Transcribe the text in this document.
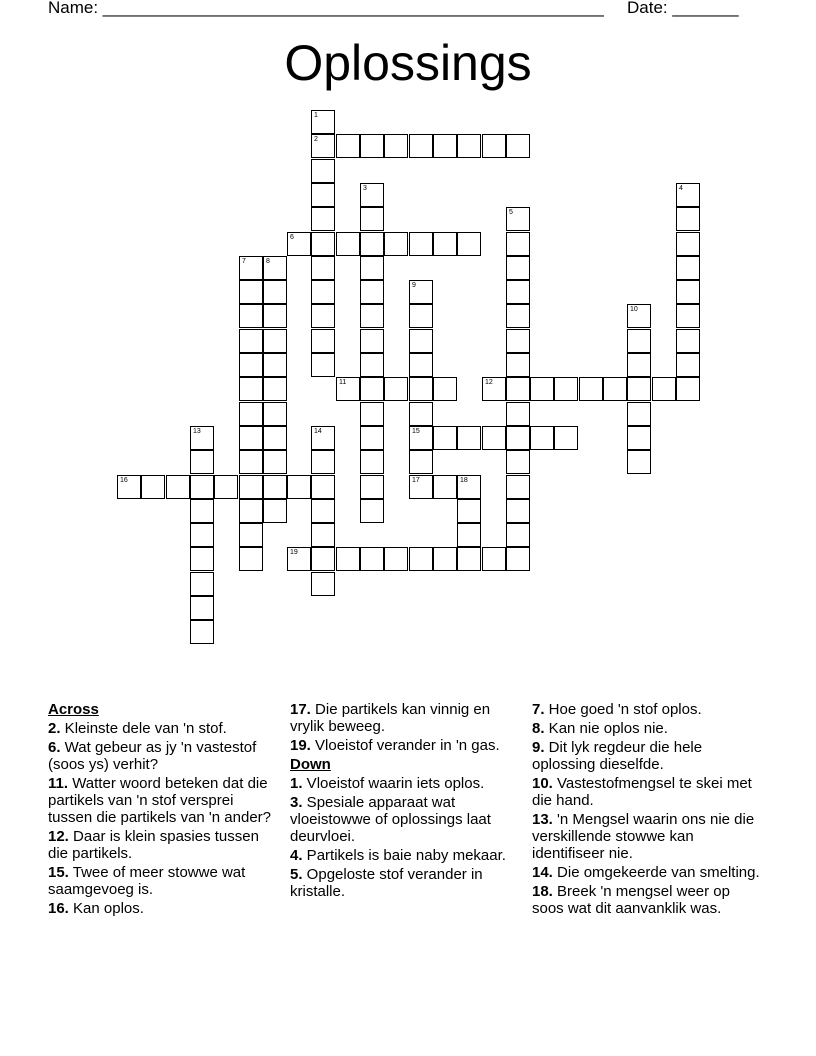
Name: _____________________________________________________ Date: _______
Oplossings
1
2
3	4
5
6
7	8
9
15
17
10
11	12
13	14
16	18
19
Across
2. Kleinste dele van 'n stof.
6. Wat gebeur as jy 'n vastestof (soos ys) verhit?
11. Watter woord beteken dat die partikels van 'n stof versprei tussen die partikels van 'n ander?
12. Daar is klein spasies tussen die partikels.
15. Twee of meer stowwe wat saamgevoeg is.
16. Kan oplos.
17. Die partikels kan vinnig en vrylik beweeg.
19. Vloeistof verander in 'n gas.
Down
1. Vloeistof waarin iets oplos.
3. Spesiale apparaat wat vloeistowwe of oplossings laat deurvloei.
4. Partikels is baie naby mekaar.
5. Opgeloste stof verander in kristalle.
7. Hoe goed 'n stof oplos.
8. Kan nie oplos nie.
9. Dit lyk regdeur die hele oplossing dieselfde.
10. Vastestofmengsel te skei met die hand.
13. 'n Mengsel waarin ons nie die verskillende stowwe kan identifiseer nie.
14. Die omgekeerde van smelting.
18. Breek 'n mengsel weer op soos wat dit aanvanklik was.
